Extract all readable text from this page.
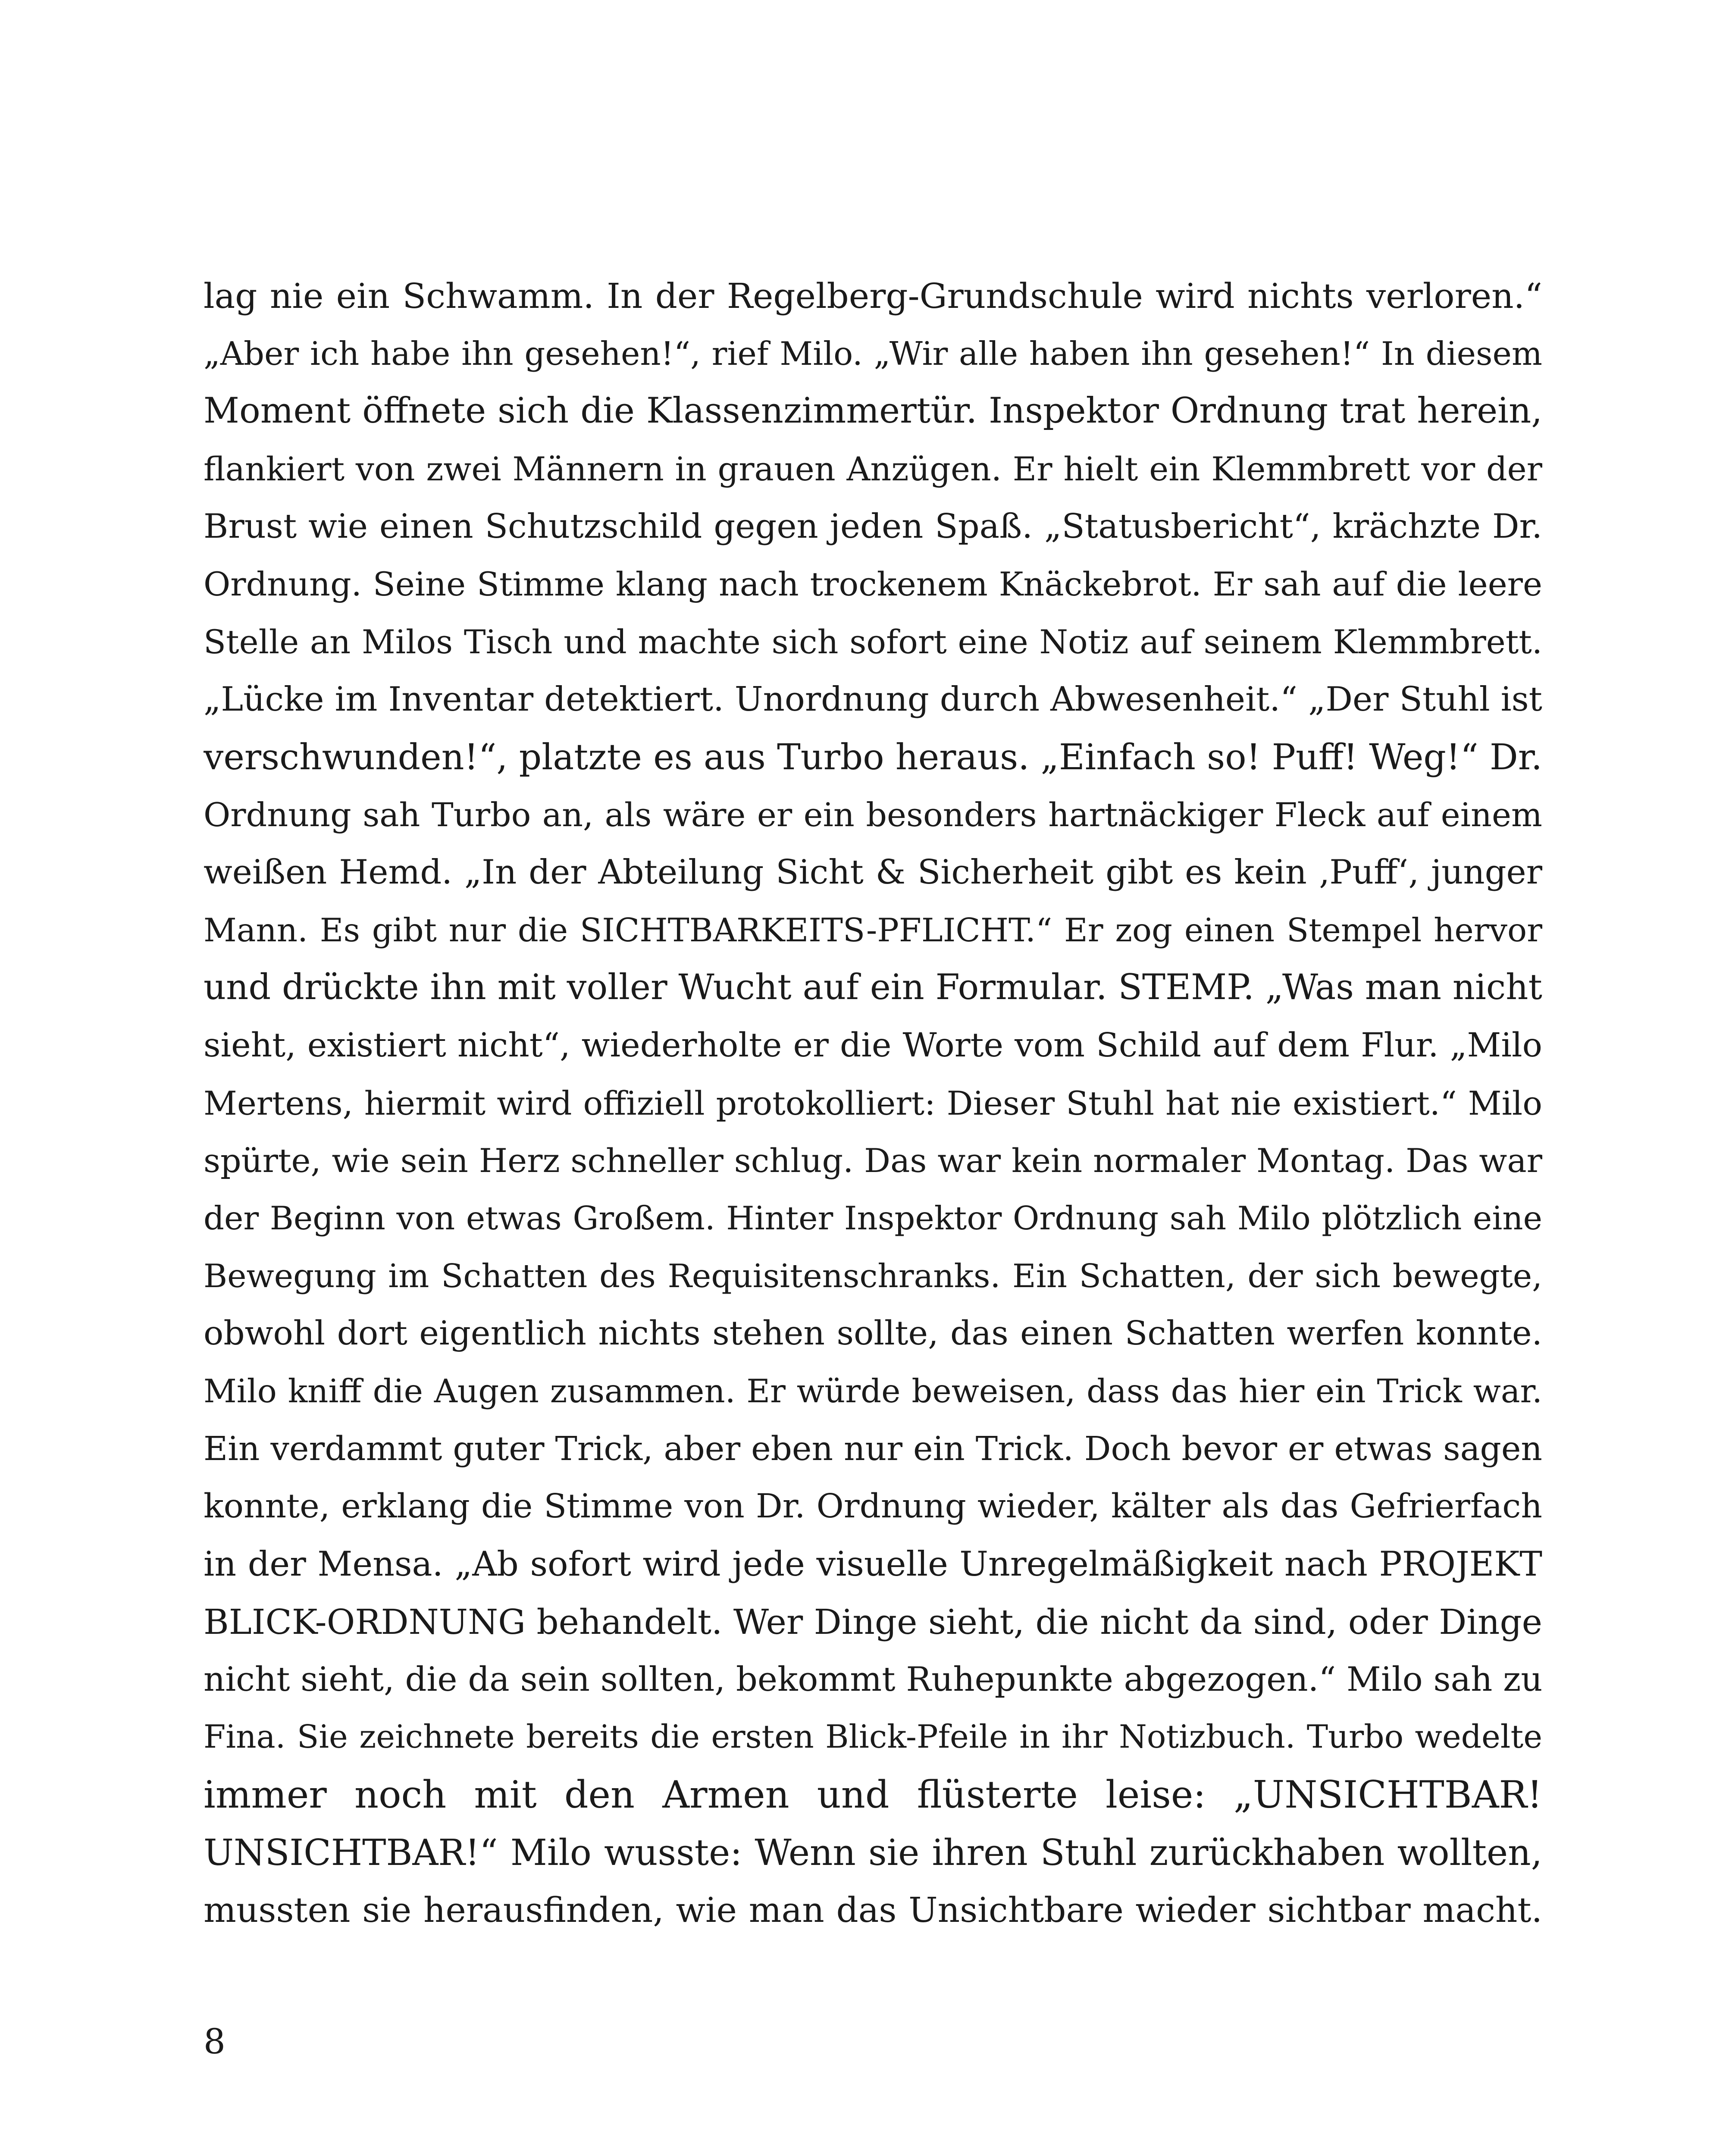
lag nie ein Schwamm. In der Regelberg-Grundschule wird nichts verloren.“
„Aber ich habe ihn gesehen!“, rief Milo. „Wir alle haben ihn gesehen!“ In diesem
Moment öffnete sich die Klassenzimmertür. Inspektor Ordnung trat herein,
flankiert von zwei Männern in grauen Anzügen. Er hielt ein Klemmbrett vor der
Brust wie einen Schutzschild gegen jeden Spaß. „Statusbericht“, krächzte Dr.
Ordnung. Seine Stimme klang nach trockenem Knäckebrot. Er sah auf die leere
Stelle an Milos Tisch und machte sich sofort eine Notiz auf seinem Klemmbrett.
„Lücke im Inventar detektiert. Unordnung durch Abwesenheit.“ „Der Stuhl ist
verschwunden!“, platzte es aus Turbo heraus. „Einfach so! Puff! Weg!“ Dr.
Ordnung sah Turbo an, als wäre er ein besonders hartnäckiger Fleck auf einem
weißen Hemd. „In der Abteilung Sicht & Sicherheit gibt es kein ‚Puff‘, junger
Mann. Es gibt nur die SICHTBARKEITS-PFLICHT.“ Er zog einen Stempel hervor
und drückte ihn mit voller Wucht auf ein Formular. STEMP. „Was man nicht
sieht, existiert nicht“, wiederholte er die Worte vom Schild auf dem Flur. „Milo
Mertens, hiermit wird offiziell protokolliert: Dieser Stuhl hat nie existiert.“ Milo
spürte, wie sein Herz schneller schlug. Das war kein normaler Montag. Das war
der Beginn von etwas Großem. Hinter Inspektor Ordnung sah Milo plötzlich eine
Bewegung im Schatten des Requisitenschranks. Ein Schatten, der sich bewegte,
obwohl dort eigentlich nichts stehen sollte, das einen Schatten werfen konnte.
Milo kniff die Augen zusammen. Er würde beweisen, dass das hier ein Trick war.
Ein verdammt guter Trick, aber eben nur ein Trick. Doch bevor er etwas sagen
konnte, erklang die Stimme von Dr. Ordnung wieder, kälter als das Gefrierfach
in der Mensa. „Ab sofort wird jede visuelle Unregelmäßigkeit nach PROJEKT
BLICK-ORDNUNG behandelt. Wer Dinge sieht, die nicht da sind, oder Dinge
nicht sieht, die da sein sollten, bekommt Ruhepunkte abgezogen.“ Milo sah zu
Fina. Sie zeichnete bereits die ersten Blick-Pfeile in ihr Notizbuch. Turbo wedelte
immer noch mit den Armen und flüsterte leise: „UNSICHTBAR!
UNSICHTBAR!“ Milo wusste: Wenn sie ihren Stuhl zurückhaben wollten,
mussten sie herausfinden, wie man das Unsichtbare wieder sichtbar macht.
8
